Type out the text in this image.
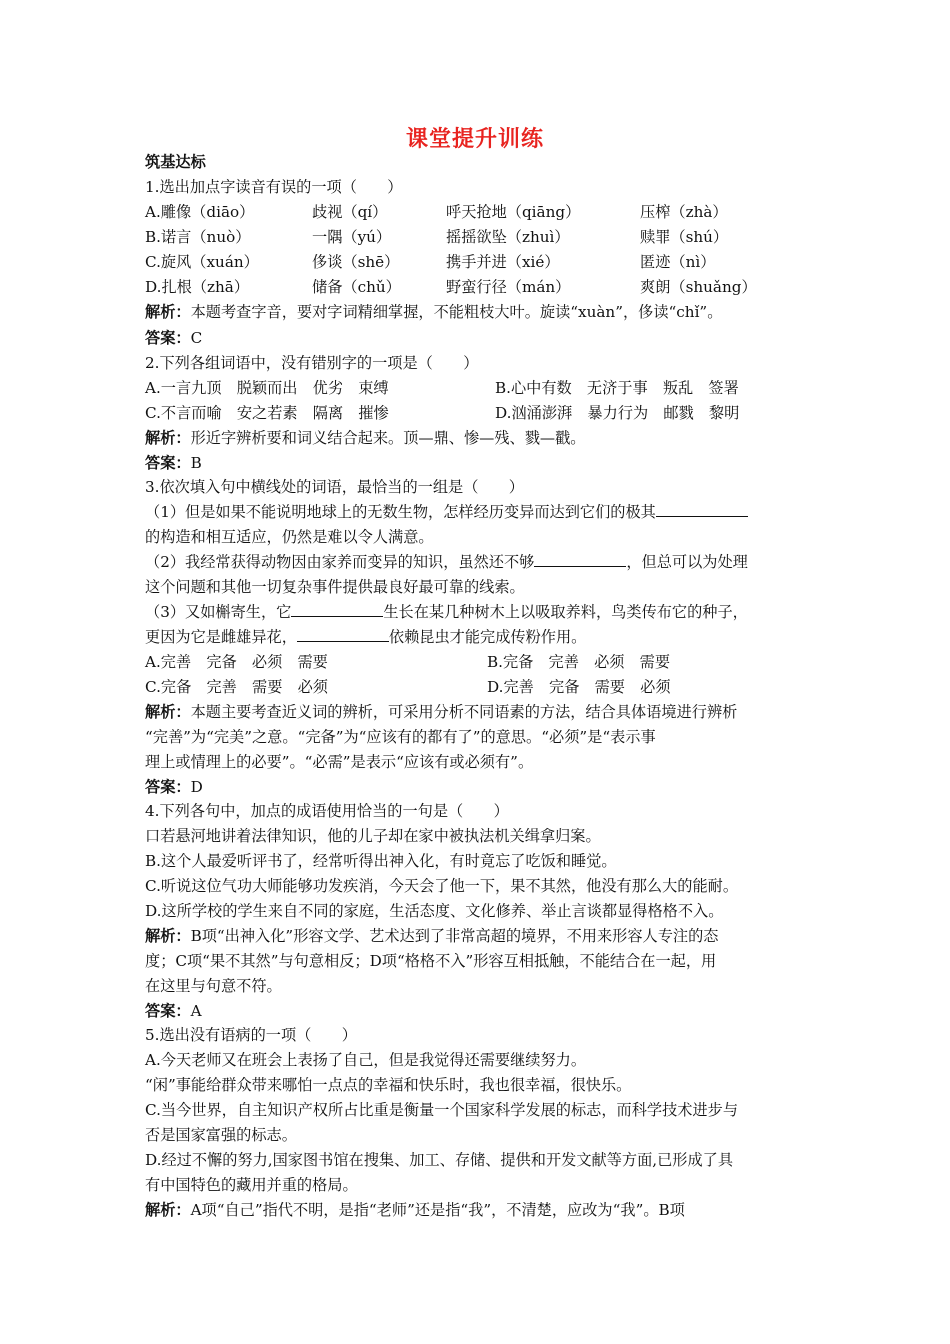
课堂提升训练
筑基达标
1.选出加点字读音有误的一项（　　）
A.雕像（diāo）	歧视（qí）	呼天抢地（qiāng）	压榨（zhà）
B.诺言（nuò）	一隅（yú）	摇摇欲坠（zhuì）	赎罪（shú）
C.旋风（xuán）	侈谈（shē）	携手并进（xié）	匿迹（nì）
D.扎根（zhā）	储备（chǔ）	野蛮行径（mán）	爽朗（shuǎng）
解析：本题考查字音，要对字词精细掌握，不能粗枝大叶。旋读“xuàn”，侈读“chǐ”。
答案：C
2.下列各组词语中，没有错别字的一项是（　　）
A.一言九顶　脱颖而出　优劣　束缚	B.心中有数　无济于事　叛乱　签署
C.不言而喻　安之若素　隔离　摧惨	D.汹涌澎湃　暴力行为　邮戮　黎明
解析：形近字辨析要和词义结合起来。顶—鼎、惨—残、戮—戳。
答案：B
3.依次填入句中横线处的词语，最恰当的一组是（　　）
（1）但是如果不能说明地球上的无数生物，怎样经历变异而达到它们的极其
的构造和相互适应，仍然是难以令人满意。
（2）我经常获得动物因由家养而变异的知识，虽然还不够	，但总可以为处理
这个问题和其他一切复杂事件提供最良好最可靠的线索。
（3）又如槲寄生，它	生长在某几种树木上以吸取养料，鸟类传布它的种子，
更因为它是雌雄异花，	依赖昆虫才能完成传粉作用。
A.完善　完备　必须　需要	B.完备　完善　必须　需要
C.完备　完善　需要　必须	D.完善　完备　需要　必须
解析：本题主要考查近义词的辨析，可采用分析不同语素的方法，结合具体语境进行辨析
“完善”为“完美”之意。“完备”为“应该有的都有了”的意思。“必须”是“表示事
理上或情理上的必要”。“必需”是表示“应该有或必须有”。
答案：D
4.下列各句中，加点的成语使用恰当的一句是（　　）
口若悬河地讲着法律知识，他的儿子却在家中被执法机关缉拿归案。
B.这个人最爱听评书了，经常听得出神入化，有时竟忘了吃饭和睡觉。
C.听说这位气功大师能够功发疾消，今天会了他一下，果不其然，他没有那么大的能耐。
D.这所学校的学生来自不同的家庭，生活态度、文化修养、举止言谈都显得格格不入。
解析：B项“出神入化”形容文学、艺术达到了非常高超的境界，不用来形容人专注的态
度；C项“果不其然”与句意相反；D项“格格不入”形容互相抵触，不能结合在一起，用
在这里与句意不符。
答案：A
5.选出没有语病的一项（　　）
A.今天老师又在班会上表扬了自己，但是我觉得还需要继续努力。
“闲”事能给群众带来哪怕一点点的幸福和快乐时，我也很幸福，很快乐。
C.当今世界，自主知识产权所占比重是衡量一个国家科学发展的标志，而科学技术进步与
否是国家富强的标志。
D.经过不懈的努力,国家图书馆在搜集、加工、存储、提供和开发文献等方面,已形成了具
有中国特色的藏用并重的格局。
解析：A项“自己”指代不明，是指“老师”还是指“我”，不清楚，应改为“我”。B项
